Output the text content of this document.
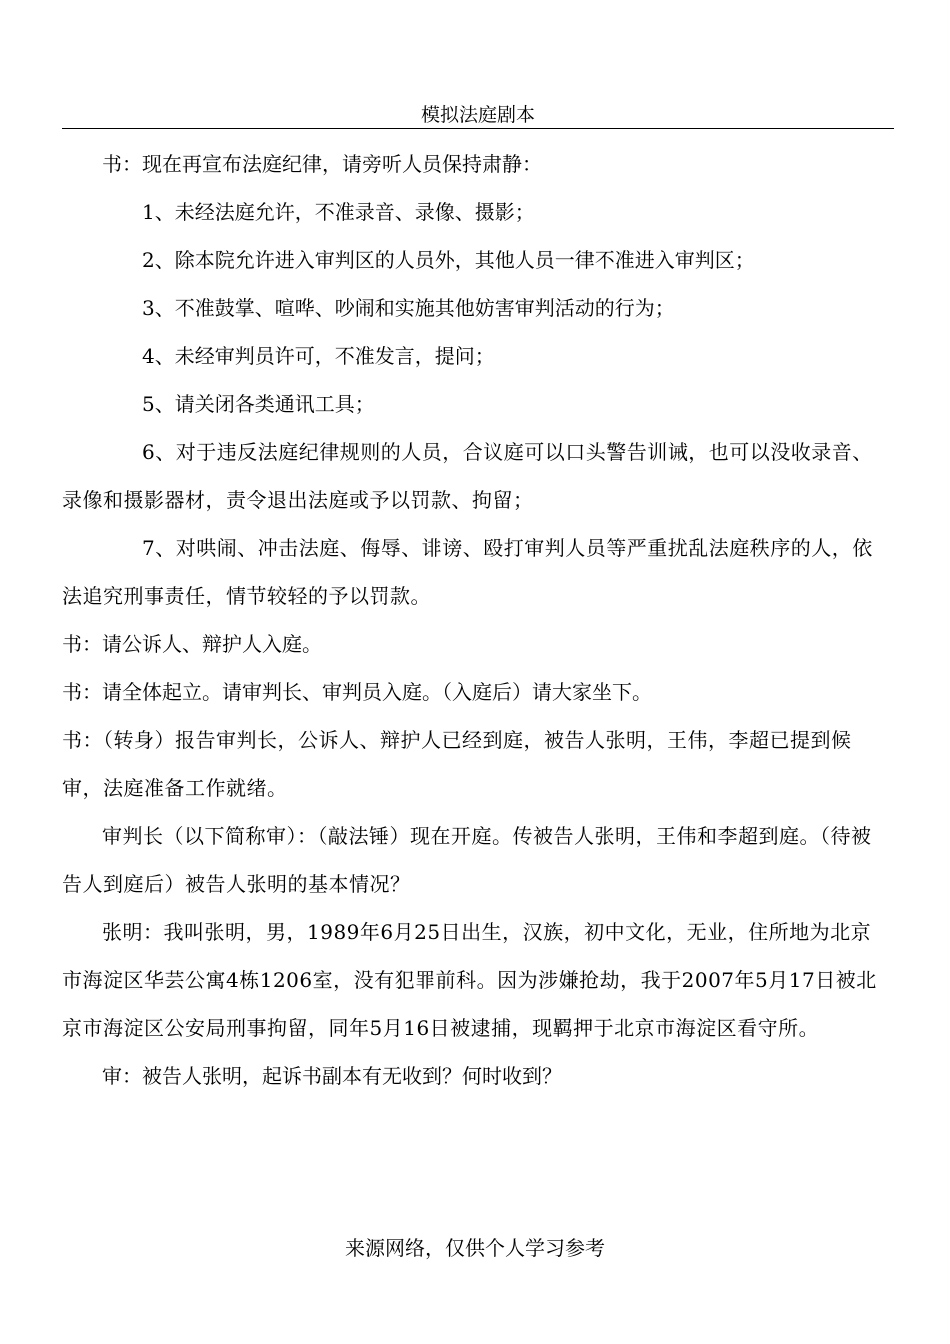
模拟法庭剧本

书：现在再宣布法庭纪律，请旁听人员保持肃静：

1、未经法庭允许，不准录音、录像、摄影；

2、除本院允许进入审判区的人员外，其他人员一律不准进入审判区；

3、不准鼓掌、喧哗、吵闹和实施其他妨害审判活动的行为；

4、未经审判员许可，不准发言，提问；

5、请关闭各类通讯工具；

6、对于违反法庭纪律规则的人员，合议庭可以口头警告训诫，也可以没收录音、录像和摄影器材，责令退出法庭或予以罚款、拘留；

7、对哄闹、冲击法庭、侮辱、诽谤、殴打审判人员等严重扰乱法庭秩序的人，依法追究刑事责任，情节较轻的予以罚款。

书：请公诉人、辩护人入庭。

书：请全体起立。请审判长、审判员入庭。（入庭后）请大家坐下。

书：（转身）报告审判长，公诉人、辩护人已经到庭，被告人张明，王伟，李超已提到候审，法庭准备工作就绪。

审判长（以下简称审）：（敲法锤）现在开庭。传被告人张明，王伟和李超到庭。（待被告人到庭后）被告人张明的基本情况？

张明：我叫张明，男，1989年6月25日出生，汉族，初中文化，无业，住所地为北京市海淀区华芸公寓4栋1206室，没有犯罪前科。因为涉嫌抢劫，我于2007年5月17日被北京市海淀区公安局刑事拘留，同年5月16日被逮捕，现羁押于北京市海淀区看守所。

审：被告人张明，起诉书副本有无收到？何时收到？

来源网络，仅供个人学习参考
